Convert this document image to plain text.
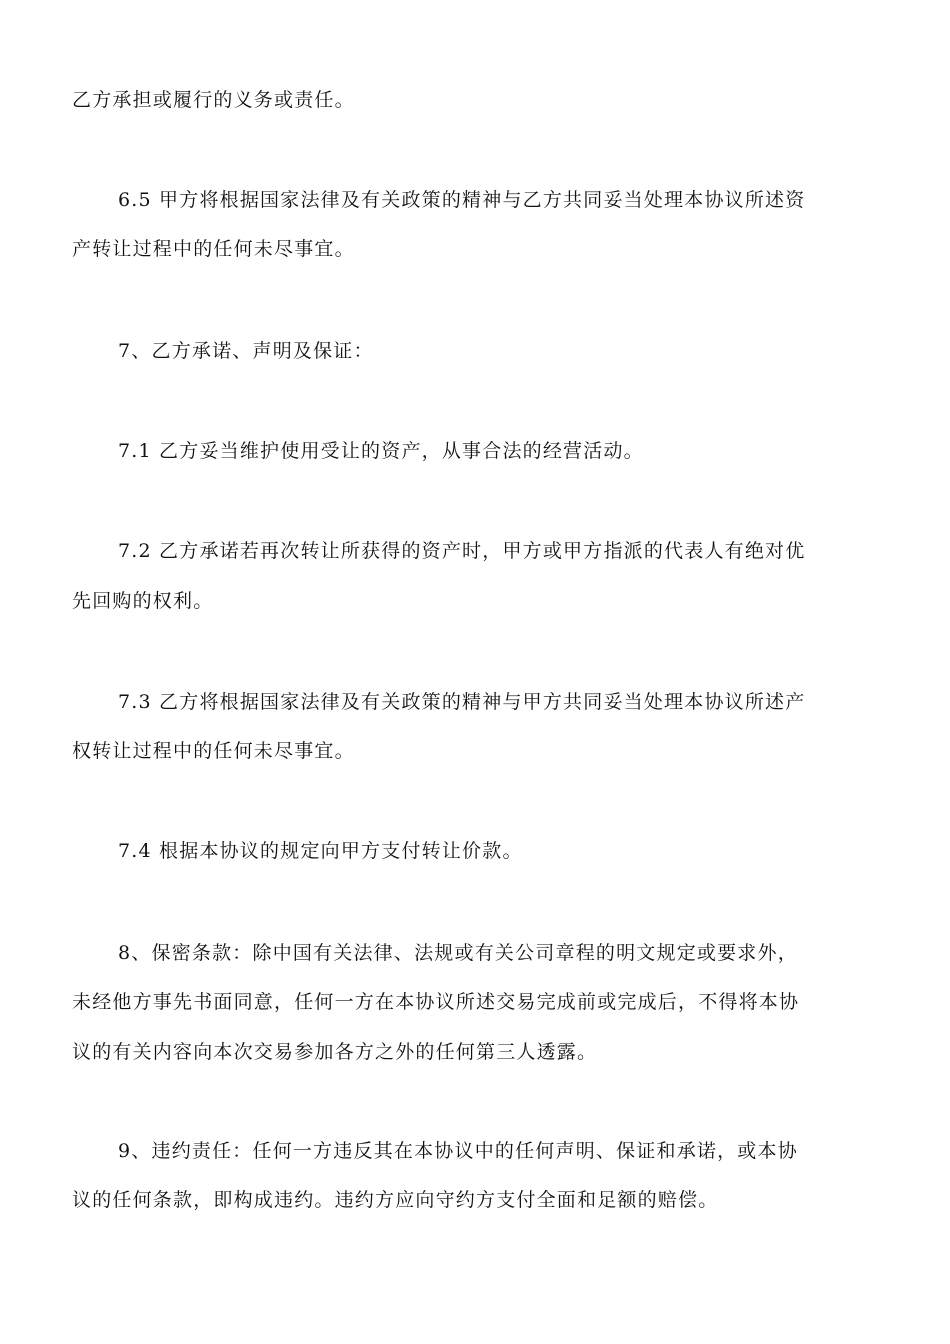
乙方承担或履行的义务或责任。
6.5 甲方将根据国家法律及有关政策的精神与乙方共同妥当处理本协议所述资
产转让过程中的任何未尽事宜。
7、乙方承诺、声明及保证：
7.1 乙方妥当维护使用受让的资产，从事合法的经营活动。
7.2 乙方承诺若再次转让所获得的资产时，甲方或甲方指派的代表人有绝对优
先回购的权利。
7.3 乙方将根据国家法律及有关政策的精神与甲方共同妥当处理本协议所述产
权转让过程中的任何未尽事宜。
7.4 根据本协议的规定向甲方支付转让价款。
8、保密条款：除中国有关法律、法规或有关公司章程的明文规定或要求外，
未经他方事先书面同意，任何一方在本协议所述交易完成前或完成后，不得将本协
议的有关内容向本次交易参加各方之外的任何第三人透露。
9、违约责任：任何一方违反其在本协议中的任何声明、保证和承诺，或本协
议的任何条款，即构成违约。违约方应向守约方支付全面和足额的赔偿。
